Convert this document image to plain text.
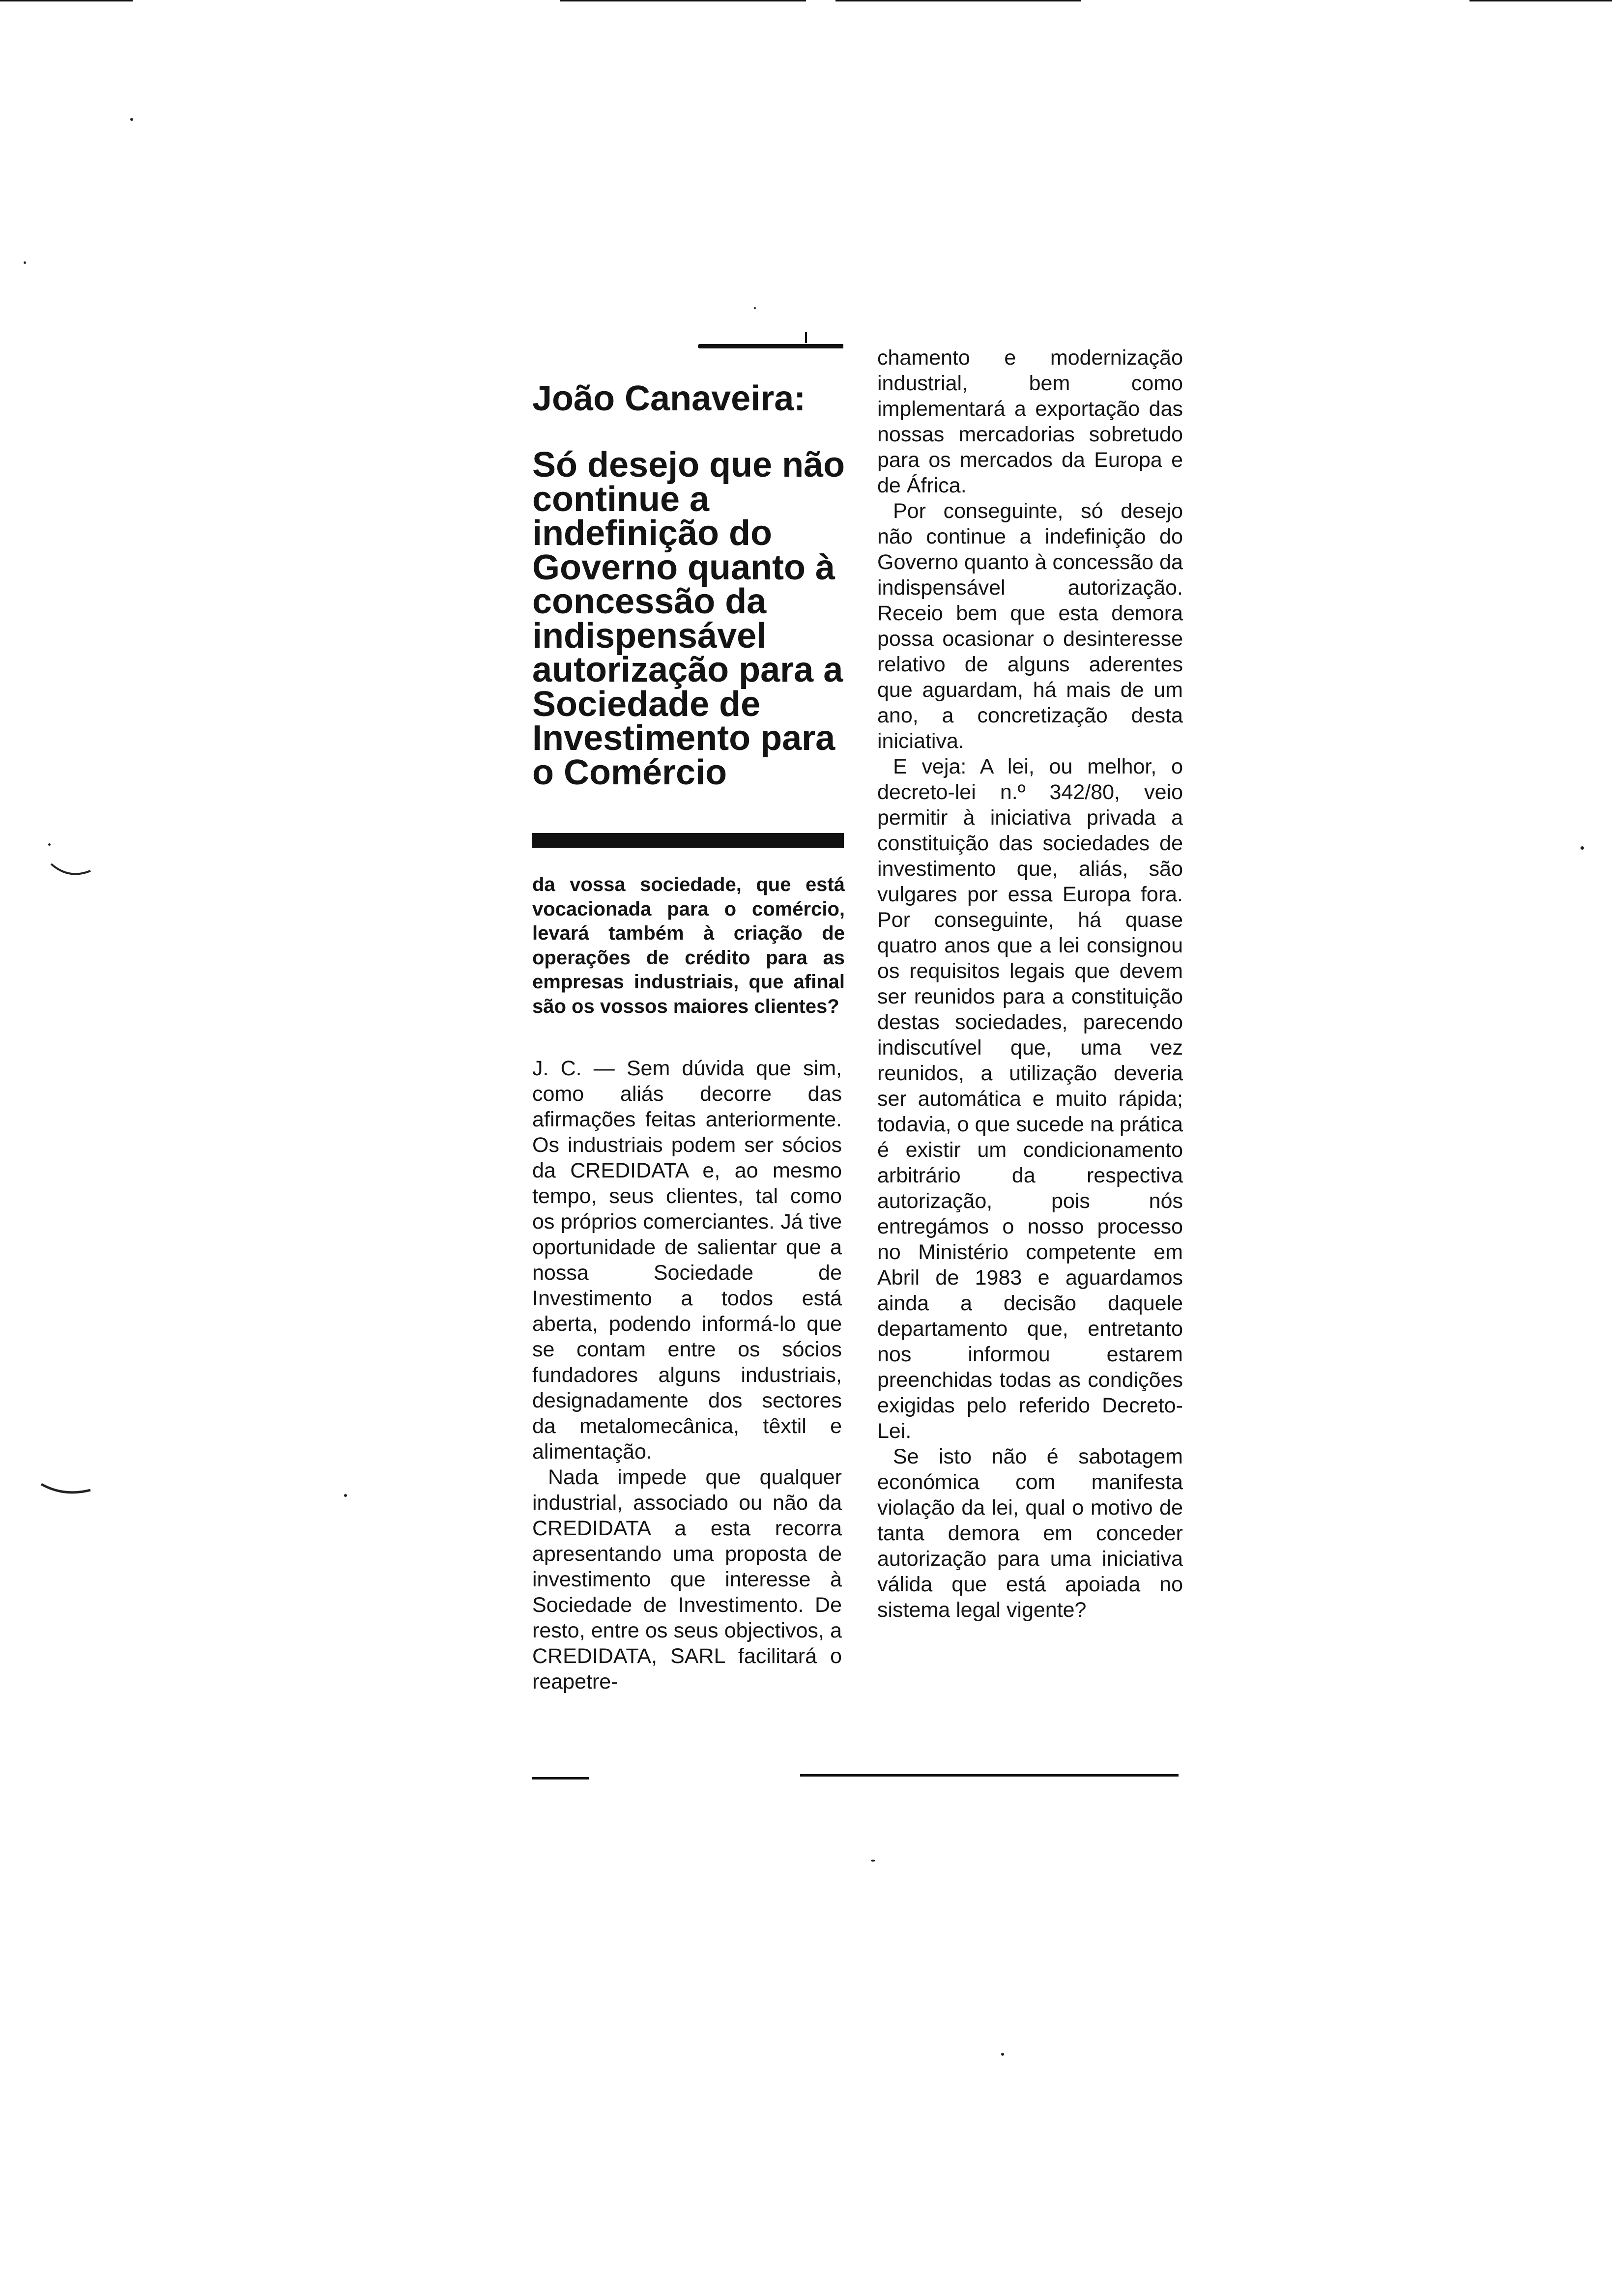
João Canaveira:
Só desejo que não continue a indefinição do Governo quanto à concessão da indispensável autorização para a Sociedade de Investimento para o Comércio

da vossa sociedade, que está vocacionada para o comércio, levará também à criação de operações de crédito para as empresas industriais, que afinal são os vossos maiores clientes?

J. C. — Sem dúvida que sim, como aliás decorre das afirmações feitas anteriormente. Os industriais podem ser sócios da CREDIDATA e, ao mesmo tempo, seus clientes, tal como os próprios comerciantes. Já tive oportunidade de salientar que a nossa Sociedade de Investimento a todos está aberta, podendo informá-lo que se contam entre os sócios fundadores alguns industriais, designadamente dos sectores da metalomecânica, têxtil e alimentação.

Nada impede que qualquer industrial, associado ou não da CREDIDATA a esta recorra apresentando uma proposta de investimento que interesse à Sociedade de Investimento. De resto, entre os seus objectivos, a CREDIDATA, SARL facilitará o reapetre-

chamento e modernização industrial, bem como implementará a exportação das nossas mercadorias sobretudo para os mercados da Europa e de África.

Por conseguinte, só desejo não continue a indefinição do Governo quanto à concessão da indispensável autorização. Receio bem que esta demora possa ocasionar o desinteresse relativo de alguns aderentes que aguardam, há mais de um ano, a concretização desta iniciativa.

E veja: A lei, ou melhor, o decreto-lei n.º 342/80, veio permitir à iniciativa privada a constituição das sociedades de investimento que, aliás, são vulgares por essa Europa fora. Por conseguinte, há quase quatro anos que a lei consignou os requisitos legais que devem ser reunidos para a constituição destas sociedades, parecendo indiscutível que, uma vez reunidos, a utilização deveria ser automática e muito rápida; todavia, o que sucede na prática é existir um condicionamento arbitrário da respectiva autorização, pois nós entregámos o nosso processo no Ministério competente em Abril de 1983 e aguardamos ainda a decisão daquele departamento que, entretanto nos informou estarem preenchidas todas as condições exigidas pelo referido Decreto-Lei.

Se isto não é sabotagem económica com manifesta violação da lei, qual o motivo de tanta demora em conceder autorização para uma iniciativa válida que está apoiada no sistema legal vigente?
